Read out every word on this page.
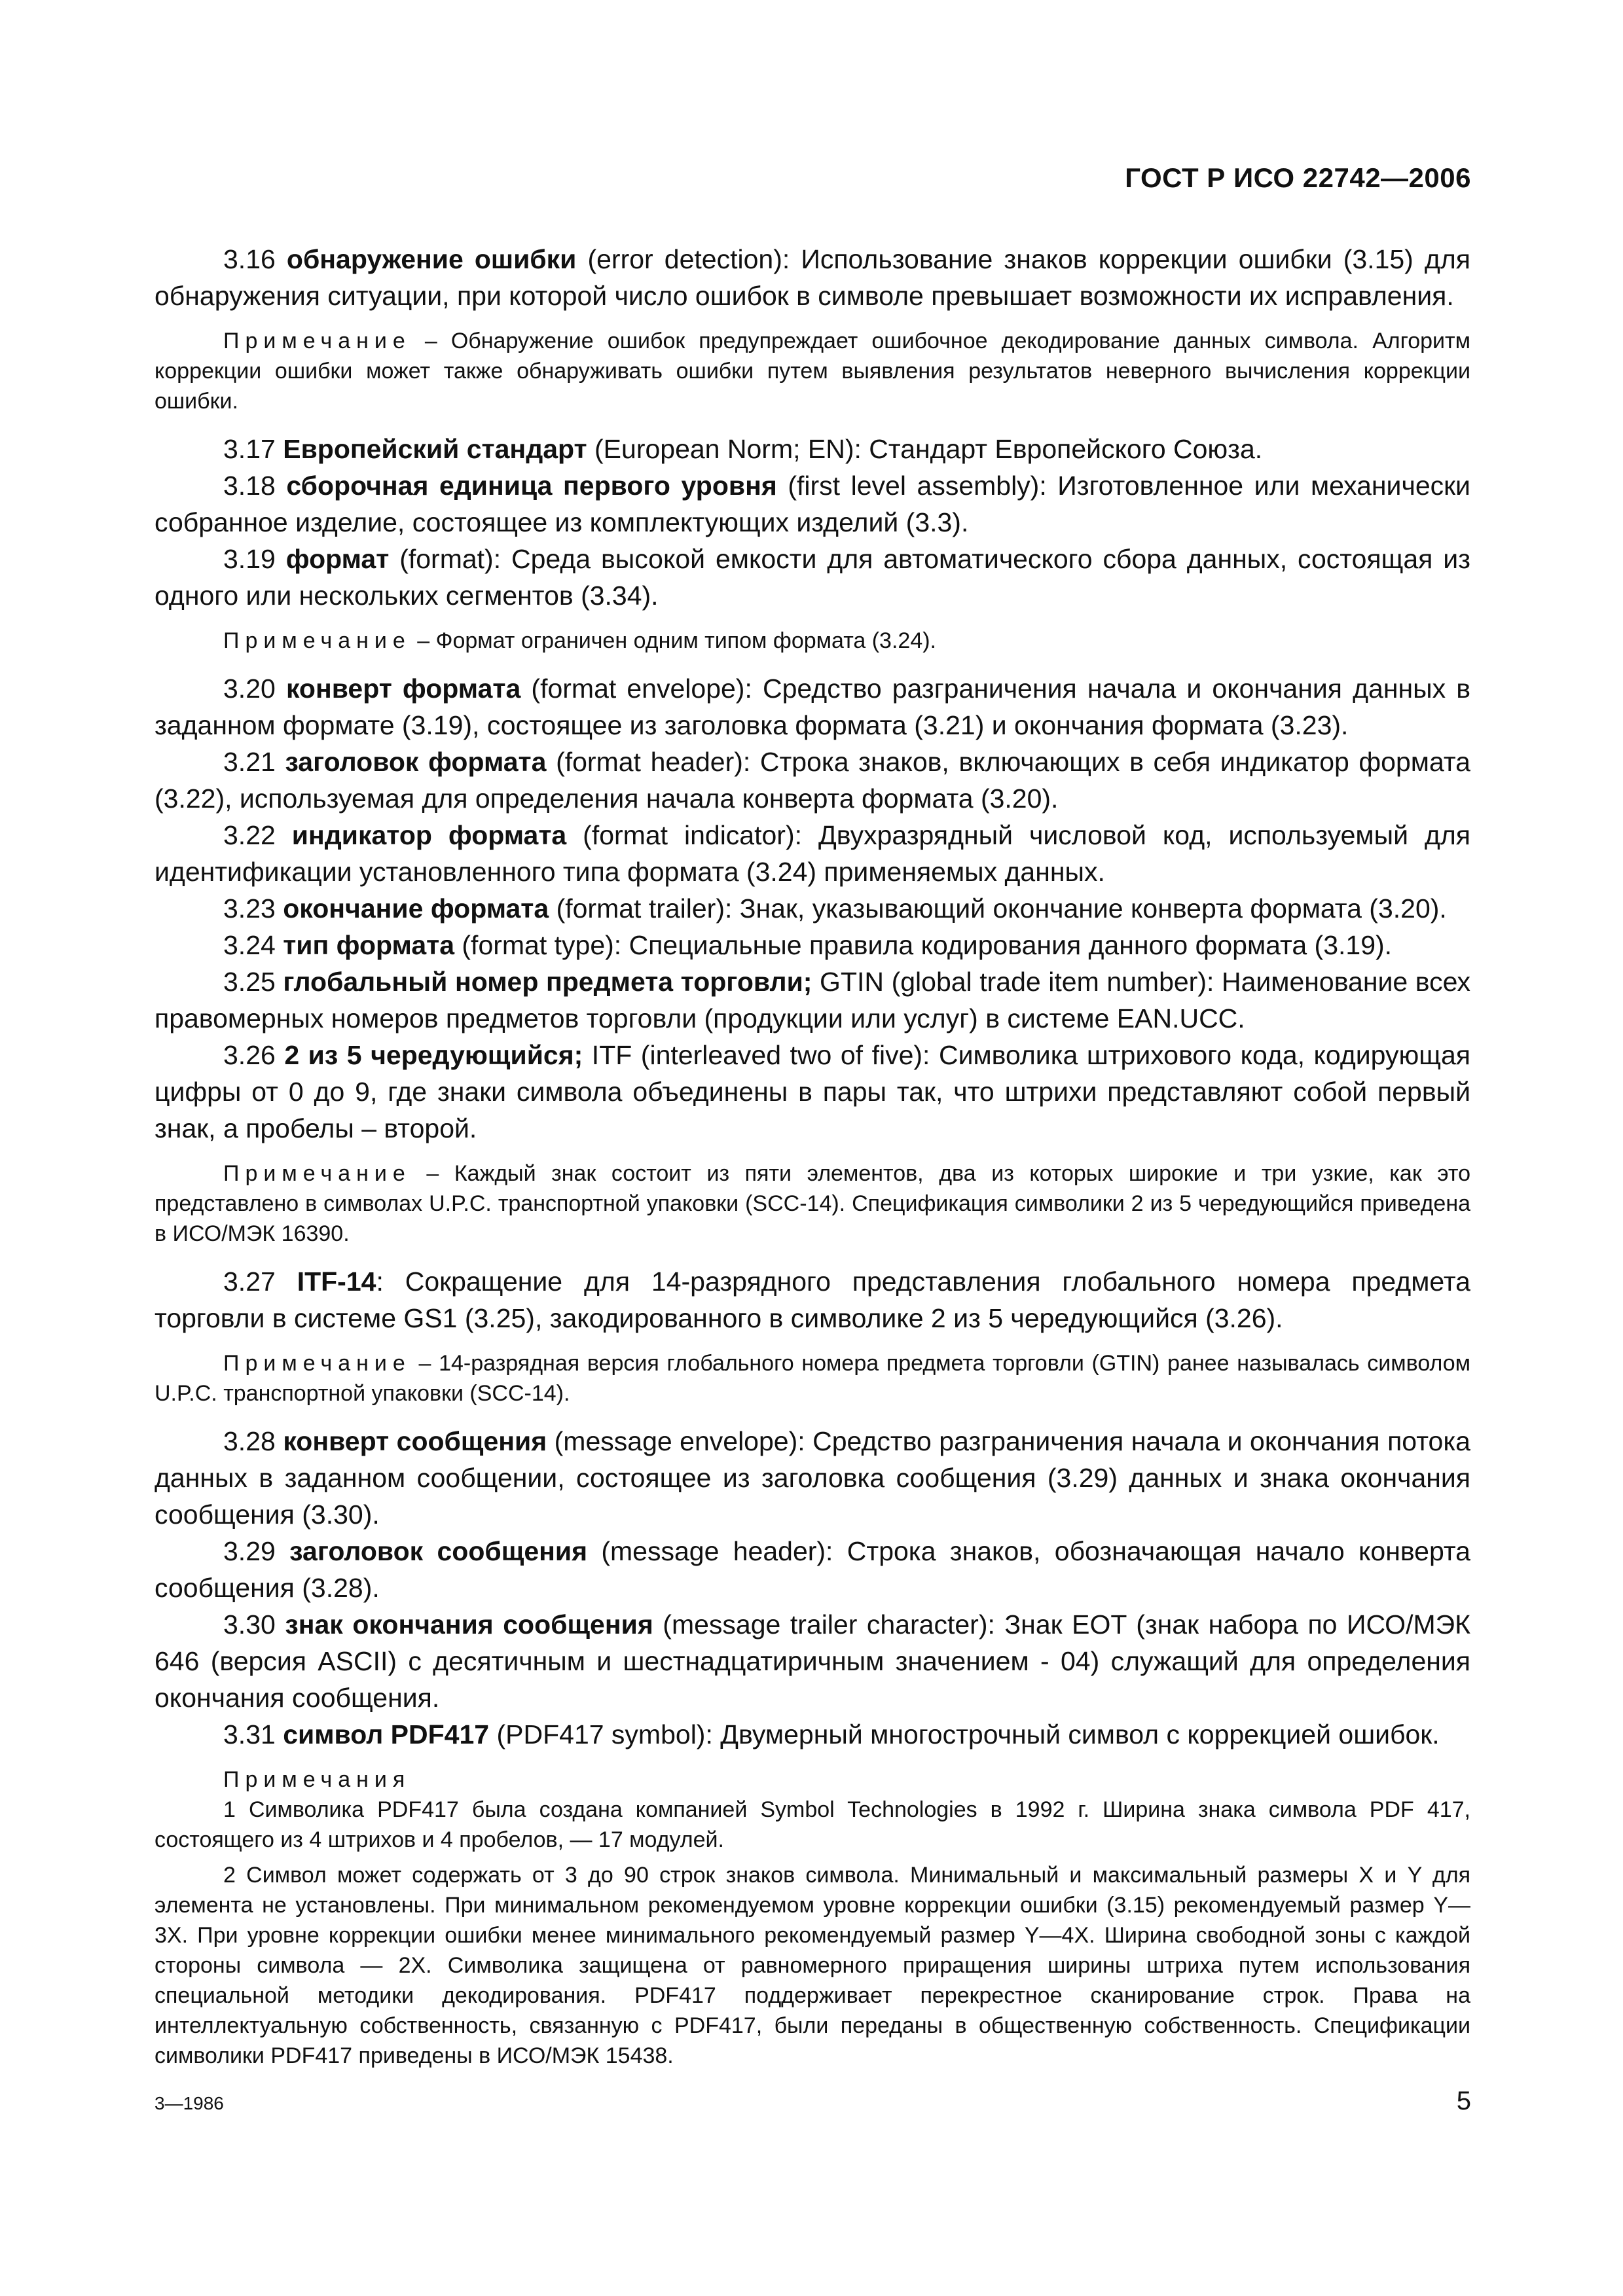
ГОСТ Р ИСО 22742—2006

3.16 обнаружение ошибки (error detection): Использование знаков коррекции ошибки (3.15) для обнаружения ситуации, при которой число ошибок в символе превышает возможности их исправления.

Примечание – Обнаружение ошибок предупреждает ошибочное декодирование данных символа. Алгоритм коррекции ошибки может также обнаруживать ошибки путем выявления результатов неверного вычисления коррекции ошибки.

3.17 Европейский стандарт (European Norm; EN): Стандарт Европейского Союза.

3.18 сборочная единица первого уровня (first level assembly): Изготовленное или механически собранное изделие, состоящее из комплектующих изделий (3.3).

3.19 формат (format): Среда высокой емкости для автоматического сбора данных, состоящая из одного или нескольких сегментов (3.34).

Примечание – Формат ограничен одним типом формата (3.24).

3.20 конверт формата (format envelope): Средство разграничения начала и окончания данных в заданном формате (3.19), состоящее из заголовка формата (3.21) и окончания формата (3.23).

3.21 заголовок формата (format header): Строка знаков, включающих в себя индикатор формата (3.22), используемая для определения начала конверта формата (3.20).

3.22 индикатор формата (format indicator): Двухразрядный числовой код, используемый для идентификации установленного типа формата (3.24) применяемых данных.

3.23 окончание формата (format trailer): Знак, указывающий окончание конверта формата (3.20).

3.24 тип формата (format type): Специальные правила кодирования данного формата (3.19).

3.25 глобальный номер предмета торговли; GTIN (global trade item number): Наименование всех правомерных номеров предметов торговли (продукции или услуг) в системе EAN.UCC.

3.26 2 из 5 чередующийся; ITF (interleaved two of five): Символика штрихового кода, кодирующая цифры от 0 до 9, где знаки символа объединены в пары так, что штрихи представляют собой первый знак, а пробелы – второй.

Примечание – Каждый знак состоит из пяти элементов, два из которых широкие и три узкие, как это представлено в символах U.P.C. транспортной упаковки (SCC-14). Спецификация символики 2 из 5 чередующийся приведена в ИСО/МЭК 16390.

3.27 ITF-14: Сокращение для 14-разрядного представления глобального номера предмета торговли в системе GS1 (3.25), закодированного в символике 2 из 5 чередующийся (3.26).

Примечание – 14-разрядная версия глобального номера предмета торговли (GTIN) ранее называлась символом U.P.C. транспортной упаковки (SCC-14).

3.28 конверт сообщения (message envelope): Средство разграничения начала и окончания потока данных в заданном сообщении, состоящее из заголовка сообщения (3.29) данных и знака окончания сообщения (3.30).

3.29 заголовок сообщения (message header): Строка знаков, обозначающая начало конверта сообщения (3.28).

3.30 знак окончания сообщения (message trailer character): Знак EOT (знак набора по ИСО/МЭК 646 (версия ASCII) с десятичным и шестнадцатиричным значением - 04) служащий для определения окончания сообщения.

3.31 символ PDF417 (PDF417 symbol): Двумерный многострочный символ с коррекцией ошибок.

Примечания

1 Символика PDF417 была создана компанией Symbol Technologies в 1992 г. Ширина знака символа PDF 417, состоящего из 4 штрихов и 4 пробелов, — 17 модулей.

2 Символ может содержать от 3 до 90 строк знаков символа. Минимальный и максимальный размеры X и Y для элемента не установлены. При минимальном рекомендуемом уровне коррекции ошибки (3.15) рекомендуемый размер Y—3X. При уровне коррекции ошибки менее минимального рекомендуемый размер Y—4X. Ширина свободной зоны с каждой стороны символа — 2X. Символика защищена от равномерного приращения ширины штриха путем использования специальной методики декодирования. PDF417 поддерживает перекрестное сканирование строк. Права на интеллектуальную собственность, связанную с PDF417, были переданы в общественную собственность. Спецификации символики PDF417 приведены в ИСО/МЭК 15438.

3—1986	5
